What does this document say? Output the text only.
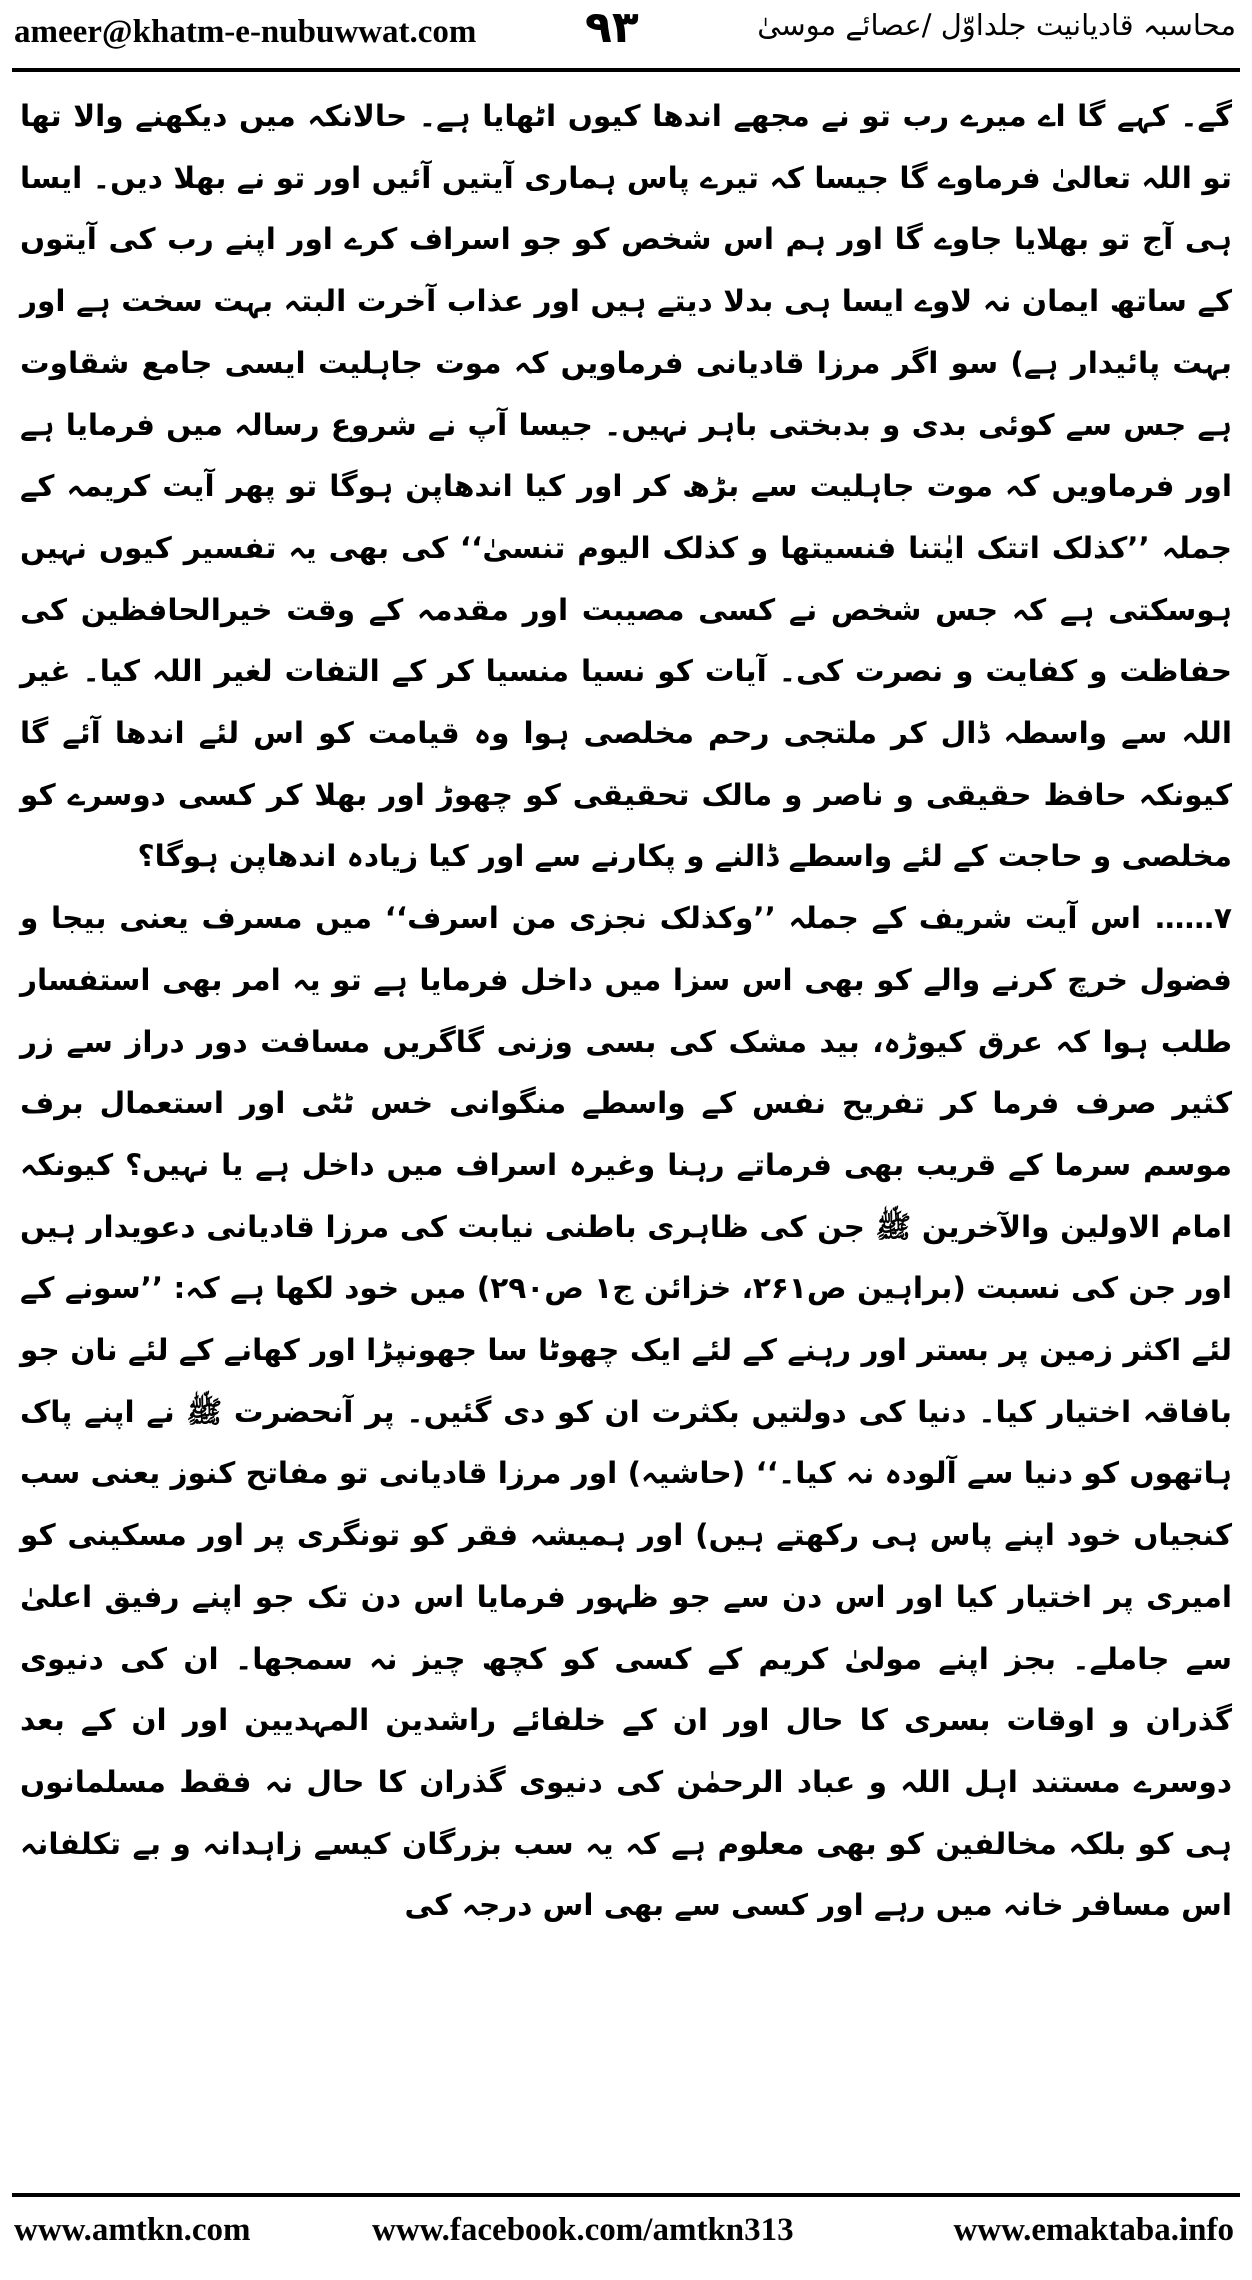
ameer@khatm-e-nubuwwat.com ۹۳	محاسبہ قادیانیت جلداوّل /عصائے موسیٰ

گے۔ کہے گا اے میرے رب تو نے مجھے اندھا کیوں اٹھایا ہے۔ حالانکہ میں دیکھنے والا تھا تو اللہ تعالیٰ فرماوے گا جیسا کہ تیرے پاس ہماری آیتیں آئیں اور تو نے بھلا دیں۔ ایسا ہی آج تو بھلایا جاوے گا اور ہم اس شخص کو جو اسراف کرے اور اپنے رب کی آیتوں کے ساتھ ایمان نہ لاوے ایسا ہی بدلا دیتے ہیں اور عذاب آخرت البتہ بہت سخت ہے اور بہت پائیدار ہے) سو اگر مرزا قادیانی فرماویں کہ موت جاہلیت ایسی جامع شقاوت ہے جس سے کوئی بدی و بدبختی باہر نہیں۔ جیسا آپ نے شروع رسالہ میں فرمایا ہے اور فرماویں کہ موت جاہلیت سے بڑھ کر اور کیا اندھاپن ہوگا تو پھر آیت کریمہ کے جملہ ’’کذلک اتتک ایٰتنا فنسیتھا و کذلک الیوم تنسیٰ‘‘ کی بھی یہ تفسیر کیوں نہیں ہوسکتی ہے کہ جس شخص نے کسی مصیبت اور مقدمہ کے وقت خیرالحافظین کی حفاظت و کفایت و نصرت کی۔ آیات کو نسیا منسیا کر کے التفات لغیر اللہ کیا۔ غیر اللہ سے واسطہ ڈال کر ملتجی رحم مخلصی ہوا وہ قیامت کو اس لئے اندھا آئے گا کیونکہ حافظ حقیقی و ناصر و مالک تحقیقی کو چھوڑ اور بھلا کر کسی دوسرے کو مخلصی و حاجت کے لئے واسطے ڈالنے و پکارنے سے اور کیا زیادہ اندھاپن ہوگا؟

۷……اس آیت شریف کے جملہ ’’وکذلک نجزی من اسرف‘‘ میں مسرف یعنی بیجا و فضول خرچ کرنے والے کو بھی اس سزا میں داخل فرمایا ہے تو یہ امر بھی استفسار طلب ہوا کہ عرق کیوڑہ، بید مشک کی بسی وزنی گاگریں مسافت دور دراز سے زر کثیر صرف فرما کر تفریح نفس کے واسطے منگوانی خس ٹٹی اور استعمال برف موسم سرما کے قریب بھی فرماتے رہنا وغیرہ اسراف میں داخل ہے یا نہیں؟ کیونکہ امام الاولین والآخرین ﷺ جن کی ظاہری باطنی نیابت کی مرزا قادیانی دعویدار ہیں اور جن کی نسبت (براہین ص۲۶۱، خزائن ج۱ ص۲۹۰) میں خود لکھا ہے کہ: ’’سونے کے لئے اکثر زمین پر بستر اور رہنے کے لئے ایک چھوٹا سا جھونپڑا اور کھانے کے لئے نان جو بافاقہ اختیار کیا۔ دنیا کی دولتیں بکثرت ان کو دی گئیں۔ پر آنحضرت ﷺ نے اپنے پاک ہاتھوں کو دنیا سے آلودہ نہ کیا۔‘‘ (حاشیہ) اور مرزا قادیانی تو مفاتح کنوز یعنی سب کنجیاں خود اپنے پاس ہی رکھتے ہیں) اور ہمیشہ فقر کو تونگری پر اور مسکینی کو امیری پر اختیار کیا اور اس دن سے جو ظہور فرمایا اس دن تک جو اپنے رفیق اعلیٰ سے جاملے۔ بجز اپنے مولیٰ کریم کے کسی کو کچھ چیز نہ سمجھا۔ ان کی دنیوی گذران و اوقات بسری کا حال اور ان کے خلفائے راشدین المہدیین اور ان کے بعد دوسرے مستند اہل اللہ و عباد الرحمٰن کی دنیوی گذران کا حال نہ فقط مسلمانوں ہی کو بلکہ مخالفین کو بھی معلوم ہے کہ یہ سب بزرگان کیسے زاہدانہ و بے تکلفانہ اس مسافر خانہ میں رہے اور کسی سے بھی اس درجہ کی

www.amtkn.com	www.facebook.com/amtkn313	www.emaktaba.info
